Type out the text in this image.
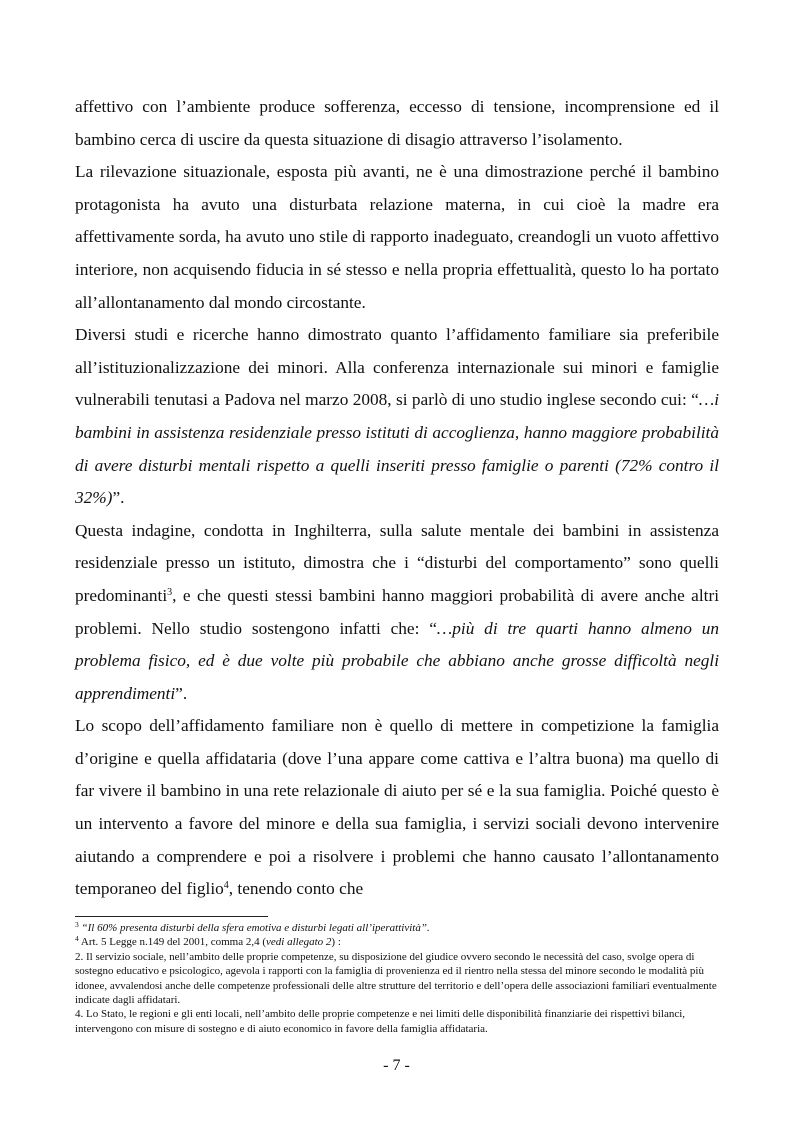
affettivo con l’ambiente produce sofferenza, eccesso di tensione, incomprensione ed il bambino cerca di uscire da questa situazione di disagio attraverso l’isolamento.

La rilevazione situazionale, esposta più avanti, ne è una dimostrazione perché il bambino protagonista ha avuto una disturbata relazione materna, in cui cioè la madre era affettivamente sorda, ha avuto uno stile di rapporto inadeguato, creandogli un vuoto affettivo interiore, non acquisendo fiducia in sé stesso e nella propria effettualità, questo lo ha portato all’allontanamento dal mondo circostante.

Diversi studi e ricerche hanno dimostrato quanto l’affidamento familiare sia preferibile all’istituzionalizzazione dei minori. Alla conferenza internazionale sui minori e famiglie vulnerabili tenutasi a Padova nel marzo 2008, si parlò di uno studio inglese secondo cui: “…i bambini in assistenza residenziale presso istituti di accoglienza, hanno maggiore probabilità di avere disturbi mentali rispetto a quelli inseriti presso famiglie o parenti (72% contro il 32%)”.

Questa indagine, condotta in Inghilterra, sulla salute mentale dei bambini in assistenza residenziale presso un istituto, dimostra che i “disturbi del comportamento” sono quelli predominanti$^3$, e che questi stessi bambini hanno maggiori probabilità di avere anche altri problemi. Nello studio sostengono infatti che: “…più di tre quarti hanno almeno un problema fisico, ed è due volte più probabile che abbiano anche grosse difficoltà negli apprendimenti”.

Lo scopo dell’affidamento familiare non è quello di mettere in competizione la famiglia d’origine e quella affidataria (dove l’una appare come cattiva e l’altra buona) ma quello di far vivere il bambino in una rete relazionale di aiuto per sé e la sua famiglia. Poiché questo è un intervento a favore del minore e della sua famiglia, i servizi sociali devono intervenire aiutando a comprendere e poi a risolvere i problemi che hanno causato l’allontanamento temporaneo del figlio$^4$, tenendo conto che

$^3$ “Il 60% presenta disturbi della sfera emotiva e disturbi legati all’iperattività”.

$^4$ Art. 5 Legge n.149 del 2001, comma 2,4 (vedi allegato 2) :

2. Il servizio sociale, nell’ambito delle proprie competenze, su disposizione del giudice ovvero secondo le necessità del caso, svolge opera di sostegno educativo e psicologico, agevola i rapporti con la famiglia di provenienza ed il rientro nella stessa del minore secondo le modalità più idonee, avvalendosi anche delle competenze professionali delle altre strutture del territorio e dell’opera delle associazioni familiari eventualmente indicate dagli affidatari.

4. Lo Stato, le regioni e gli enti locali, nell’ambito delle proprie competenze e nei limiti delle disponibilità finanziarie dei rispettivi bilanci, intervengono con misure di sostegno e di aiuto economico in favore della famiglia affidataria.

- 7 -
